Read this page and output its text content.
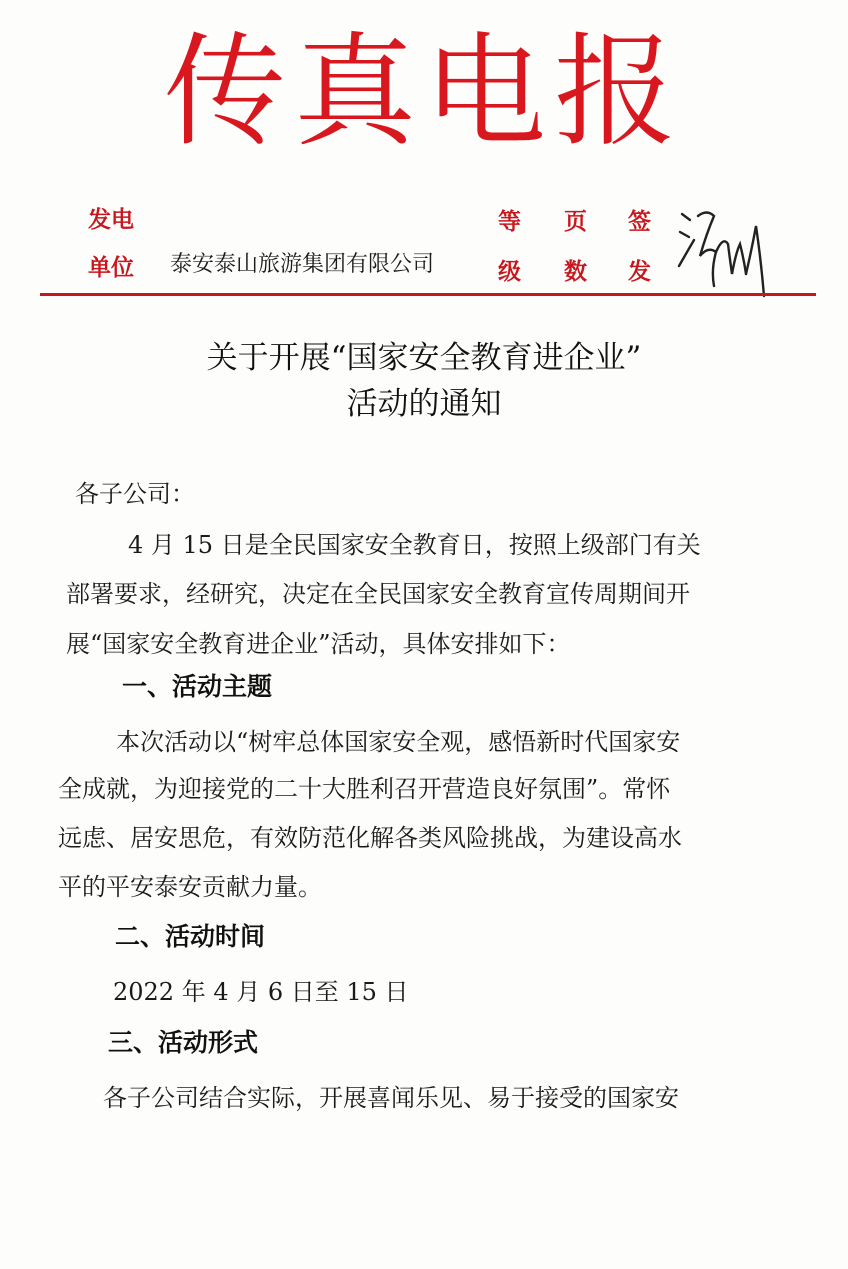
传真电报
发电
单位 泰安泰山旅游集团有限公司
等
级
页
数
签
发
关于开展“国家安全教育进企业”
活动的通知
各子公司：
4 月 15 日是全民国家安全教育日，按照上级部门有关
部署要求，经研究，决定在全民国家安全教育宣传周期间开
展“国家安全教育进企业”活动，具体安排如下：
一、活动主题
本次活动以“树牢总体国家安全观，感悟新时代国家安
全成就，为迎接党的二十大胜利召开营造良好氛围”。常怀
远虑、居安思危，有效防范化解各类风险挑战，为建设高水
平的平安泰安贡献力量。
二、活动时间
2022 年 4 月 6 日至 15 日
三、活动形式
各子公司结合实际，开展喜闻乐见、易于接受的国家安
